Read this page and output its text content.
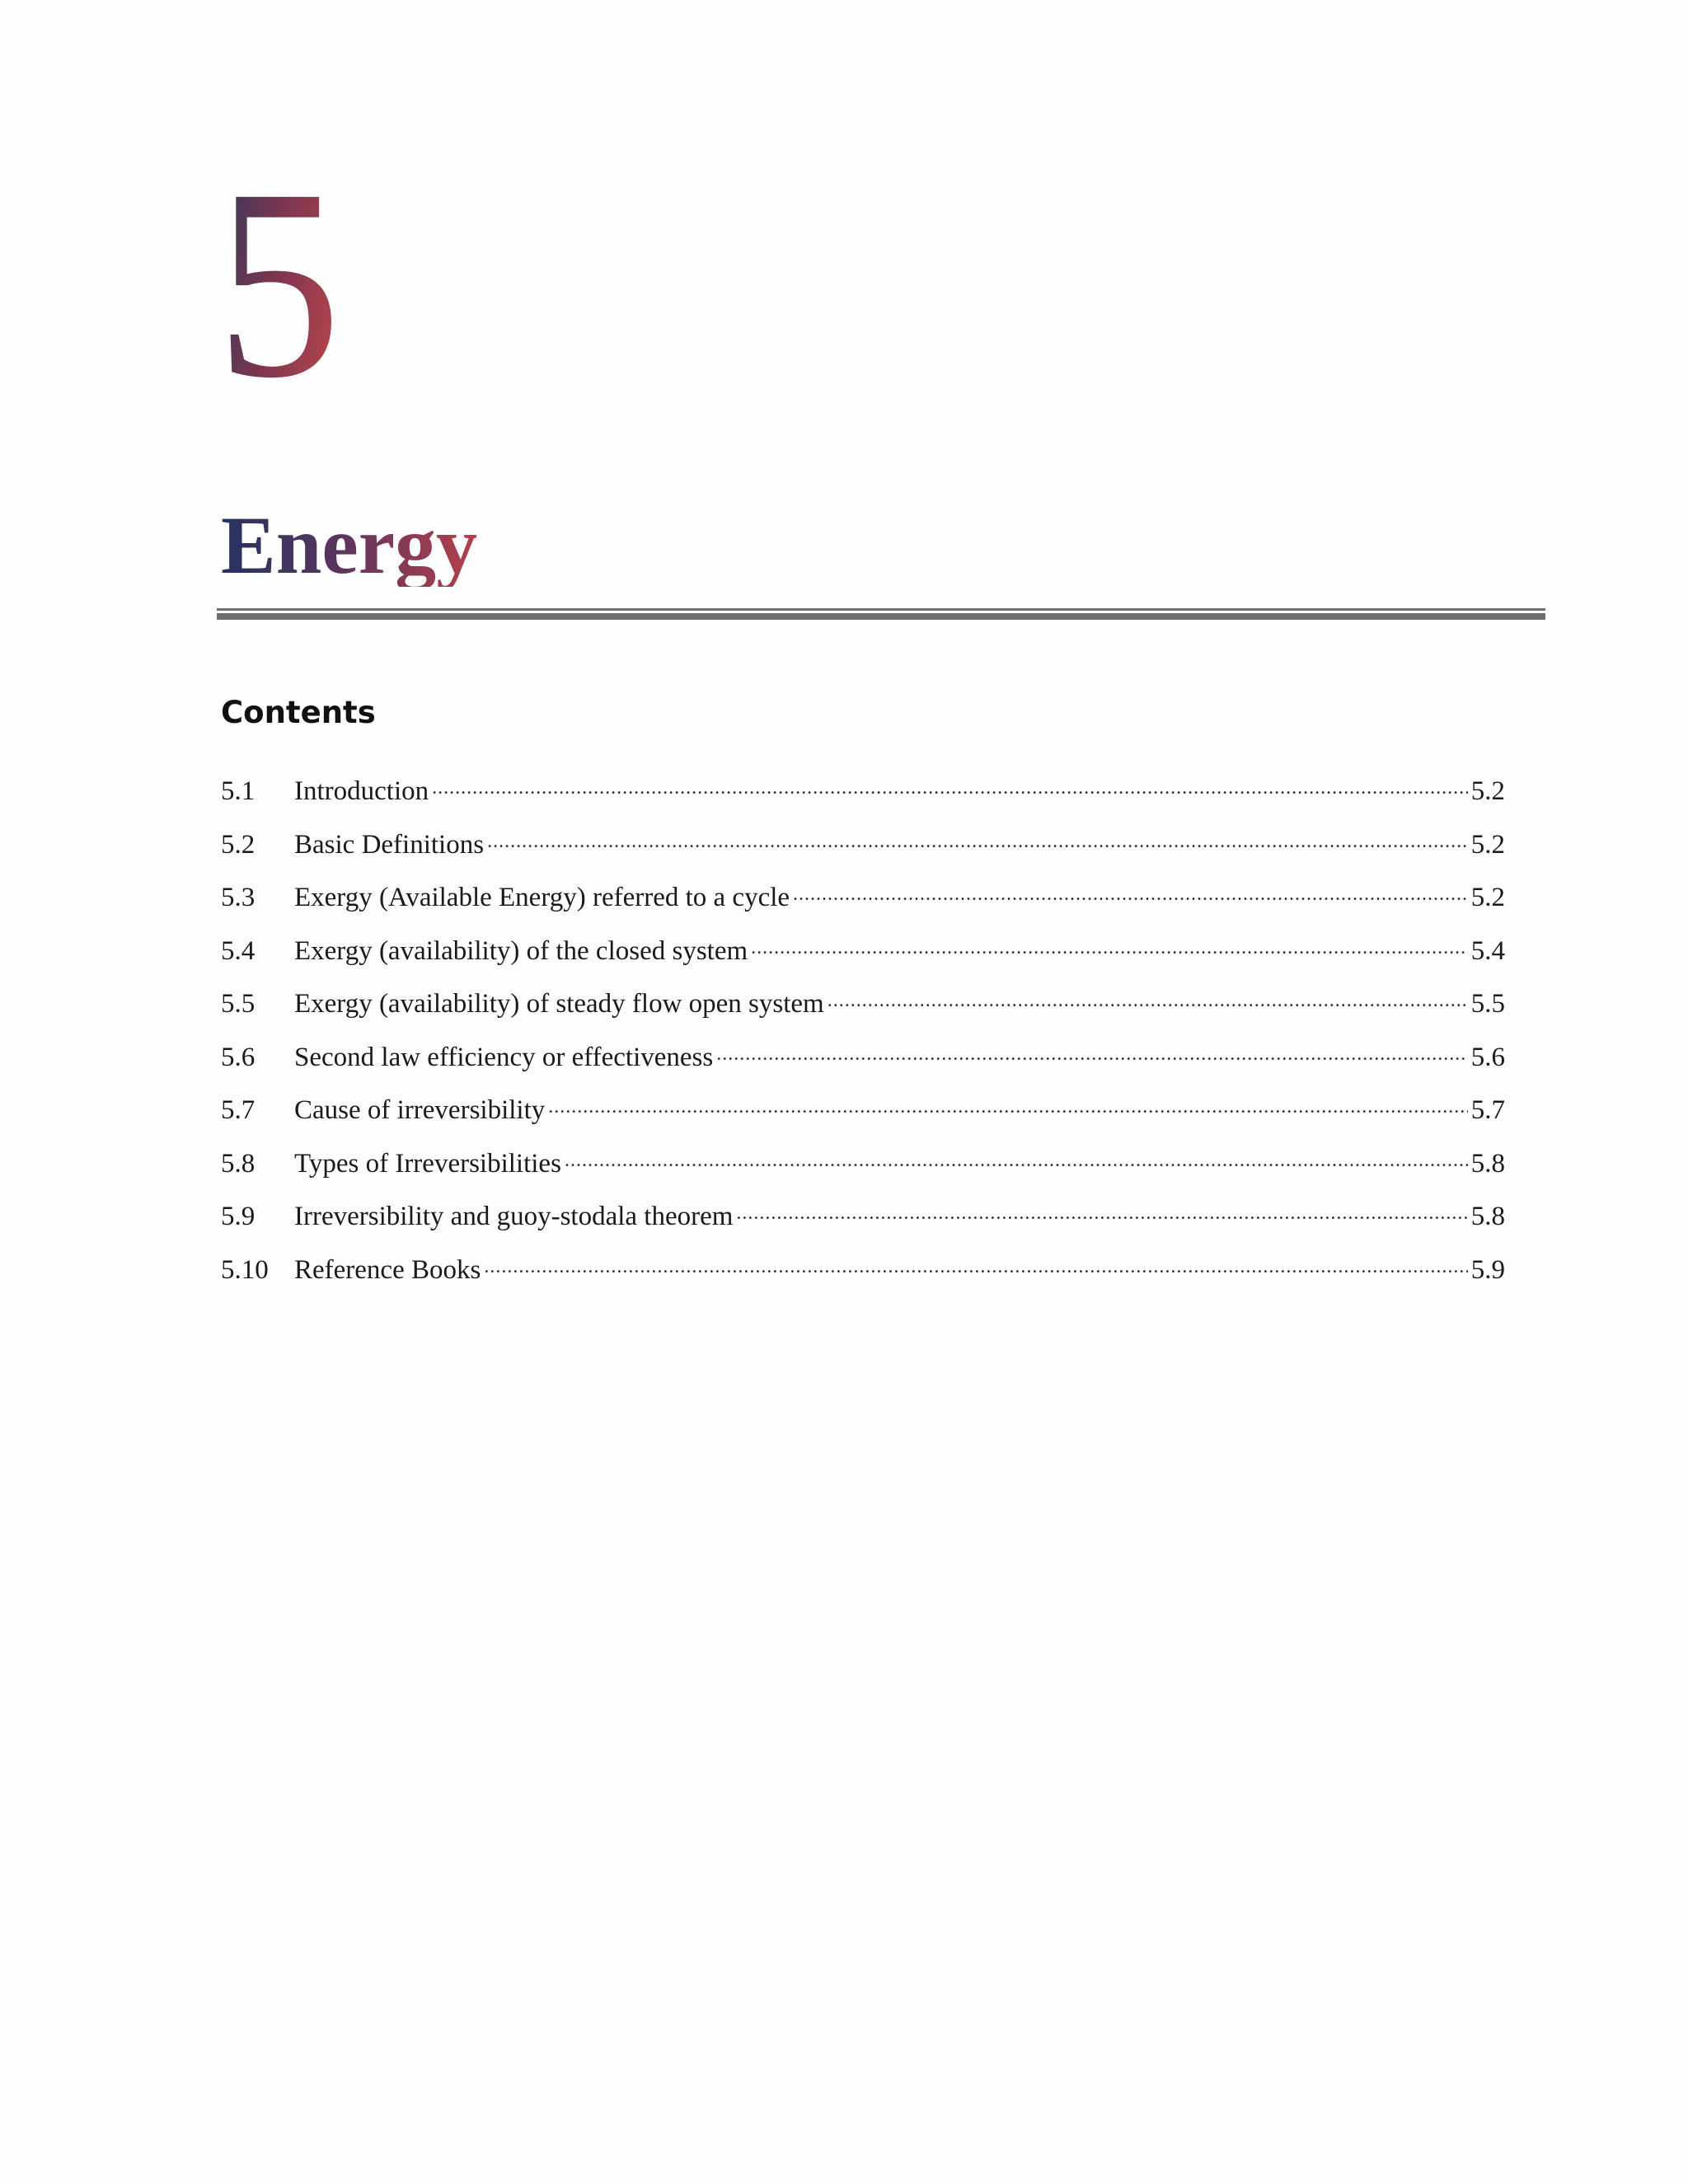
5
Energy
Contents
5.1	Introduction .....	5.2
5.2	Basic Definitions .....	5.2
5.3	Exergy (Available Energy) referred to a cycle .....	5.2
5.4	Exergy (availability) of the closed system .....	5.4
5.5	Exergy (availability) of steady flow open system .....	5.5
5.6	Second law efficiency or effectiveness .....	5.6
5.7	Cause of irreversibility .....	5.7
5.8	Types of Irreversibilities .....	5.8
5.9	Irreversibility and guoy-stodala theorem .....	5.8
5.10 Reference Books .....	5.9
